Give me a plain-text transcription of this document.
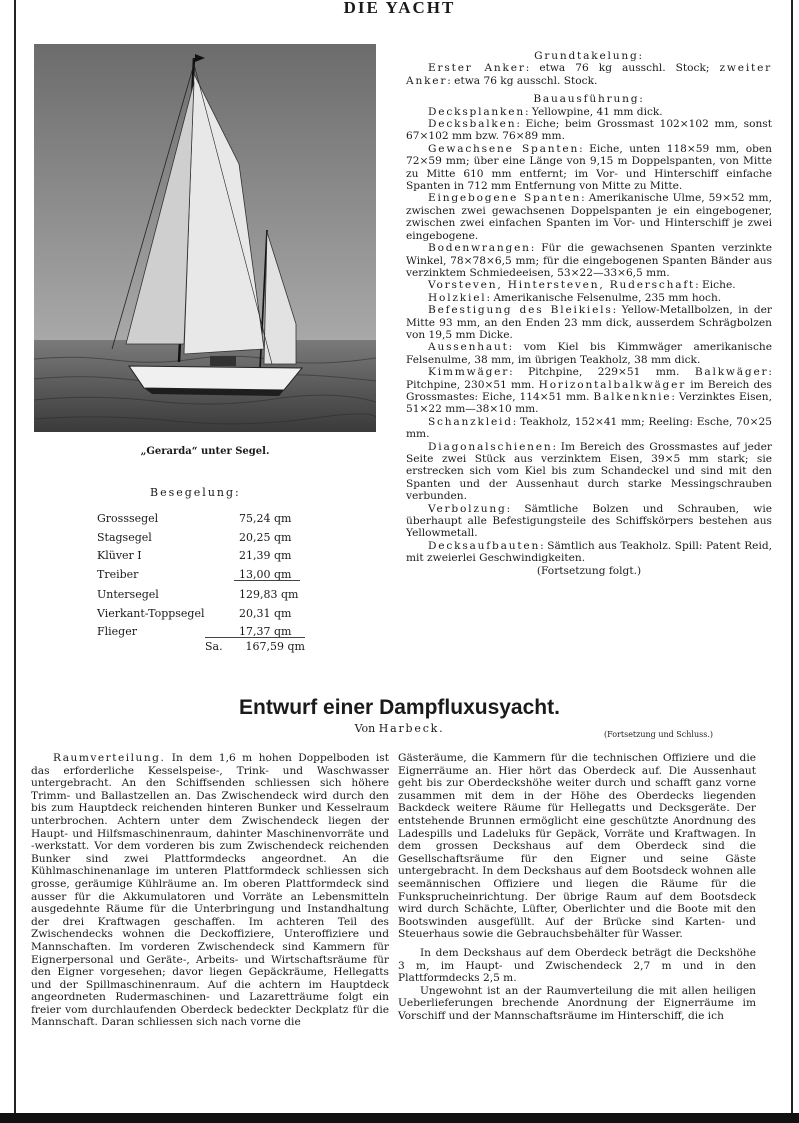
DIE YACHT
„Gerarda“ unter Segel.
Besegelung:
Grosssegel	75,24 qm
Stagsegel	20,25 qm
Klüver I	21,39 qm
Treiber	13,00 qm
Untersegel	129,83 qm
Vierkant-Toppsegel	20,31 qm
Flieger	17,37 qm
Sa. 167,59 qm

Grundtakelung:

Erster Anker: etwa 76 kg ausschl. Stock; zweiter Anker: etwa 76 kg ausschl. Stock.

Bauausführung:

Decksplanken: Yellowpine, 41 mm dick.

Decksbalken: Eiche; beim Grossmast 102×102 mm, sonst 67×102 mm bzw. 76×89 mm.

Gewachsene Spanten: Eiche, unten 118×59 mm, oben 72×59 mm; über eine Länge von 9,15 m Doppelspanten, von Mitte zu Mitte 610 mm entfernt; im Vor- und Hinterschiff einfache Spanten in 712 mm Entfernung von Mitte zu Mitte.

Eingebogene Spanten: Amerikanische Ulme, 59×52 mm, zwischen zwei gewachsenen Doppelspanten je ein eingebogener, zwischen zwei einfachen Spanten im Vor- und Hinterschiff je zwei eingebogene.

Bodenwrangen: Für die gewachsenen Spanten verzinkte Winkel, 78×78×6,5 mm; für die eingebogenen Spanten Bänder aus verzinktem Schmiedeeisen, 53×22—33×6,5 mm.

Vorsteven, Hintersteven, Ruderschaft: Eiche.

Holzkiel: Amerikanische Felsenulme, 235 mm hoch.

Befestigung des Bleikiels: Yellow-Metallbolzen, in der Mitte 93 mm, an den Enden 23 mm dick, ausserdem Schrägbolzen von 19,5 mm Dicke.

Aussenhaut: vom Kiel bis Kimmwäger amerikanische Felsenulme, 38 mm, im übrigen Teakholz, 38 mm dick.

Kimmwäger: Pitchpine, 229×51 mm. Balkwäger: Pitchpine, 230×51 mm. Horizontalbalkwäger im Bereich des Grossmastes: Eiche, 114×51 mm. Balkenknie: Verzinktes Eisen, 51×22 mm—38×10 mm.

Schanzkleid: Teakholz, 152×41 mm; Reeling: Esche, 70×25 mm.

Diagonalschienen: Im Bereich des Grossmastes auf jeder Seite zwei Stück aus verzinktem Eisen, 39×5 mm stark; sie erstrecken sich vom Kiel bis zum Schandeckel und sind mit den Spanten und der Aussenhaut durch starke Messingschrauben verbunden.

Verbolzung: Sämtliche Bolzen und Schrauben, wie überhaupt alle Befestigungsteile des Schiffskörpers bestehen aus Yellowmetall.

Decksaufbauten: Sämtlich aus Teakholz. Spill: Patent Reid, mit zweierlei Geschwindigkeiten.

(Fortsetzung folgt.)

Entwurf einer Dampfluxusyacht.
Von Harbeck.	(Fortsetzung und Schluss.)

Raumverteilung. In dem 1,6 m hohen Doppelboden ist das erforderliche Kesselspeise-, Trink- und Waschwasser untergebracht. An den Schiffsenden schliessen sich höhere Trimm- und Ballastzellen an. Das Zwischendeck wird durch den bis zum Hauptdeck reichenden hinteren Bunker und Kesselraum unterbrochen. Achtern unter dem Zwischendeck liegen der Haupt- und Hilfsmaschinenraum, dahinter Maschinenvorräte und -werkstatt. Vor dem vorderen bis zum Zwischendeck reichenden Bunker sind zwei Plattformdecks angeordnet. An die Kühlmaschinenanlage im unteren Plattformdeck schliessen sich grosse, geräumige Kühlräume an. Im oberen Plattformdeck sind ausser für die Akkumulatoren und Vorräte an Lebensmitteln ausgedehnte Räume für die Unterbringung und Instandhaltung der drei Kraftwagen geschaffen. Im achteren Teil des Zwischendecks wohnen die Deckoffiziere, Unteroffiziere und Mannschaften. Im vorderen Zwischendeck sind Kammern für Eignerpersonal und Geräte-, Arbeits- und Wirtschaftsräume für den Eigner vorgesehen; davor liegen Gepäckräume, Hellegatts und der Spillmaschinenraum. Auf die achtern im Hauptdeck angeordneten Rudermaschinen- und Lazaretträume folgt ein freier vom durchlaufenden Oberdeck bedeckter Deckplatz für die Mannschaft. Daran schliessen sich nach vorne die

Gästeräume, die Kammern für die technischen Offiziere und die Eignerräume an. Hier hört das Oberdeck auf. Die Aussenhaut geht bis zur Oberdeckshöhe weiter durch und schafft ganz vorne zusammen mit dem in der Höhe des Oberdecks liegenden Backdeck weitere Räume für Hellegatts und Decksgeräte. Der entstehende Brunnen ermöglicht eine geschützte Anordnung des Ladespills und Ladeluks für Gepäck, Vorräte und Kraftwagen. In dem grossen Deckshaus auf dem Oberdeck sind die Gesellschaftsräume für den Eigner und seine Gäste untergebracht. In dem Deckshaus auf dem Bootsdeck wohnen alle seemännischen Offiziere und liegen die Räume für die Funksprucheinrichtung. Der übrige Raum auf dem Bootsdeck wird durch Schächte, Lüfter, Oberlichter und die Boote mit den Bootswinden ausgefüllt. Auf der Brücke sind Karten- und Steuerhaus sowie die Gebrauchsbehälter für Wasser.

In dem Deckshaus auf dem Oberdeck beträgt die Deckshöhe 3 m, im Haupt- und Zwischendeck 2,7 m und in den Plattformdecks 2,5 m.

Ungewohnt ist an der Raumverteilung die mit allen heiligen Ueberlieferungen brechende Anordnung der Eignerräume im Vorschiff und der Mannschaftsräume im Hinterschiff, die ich
